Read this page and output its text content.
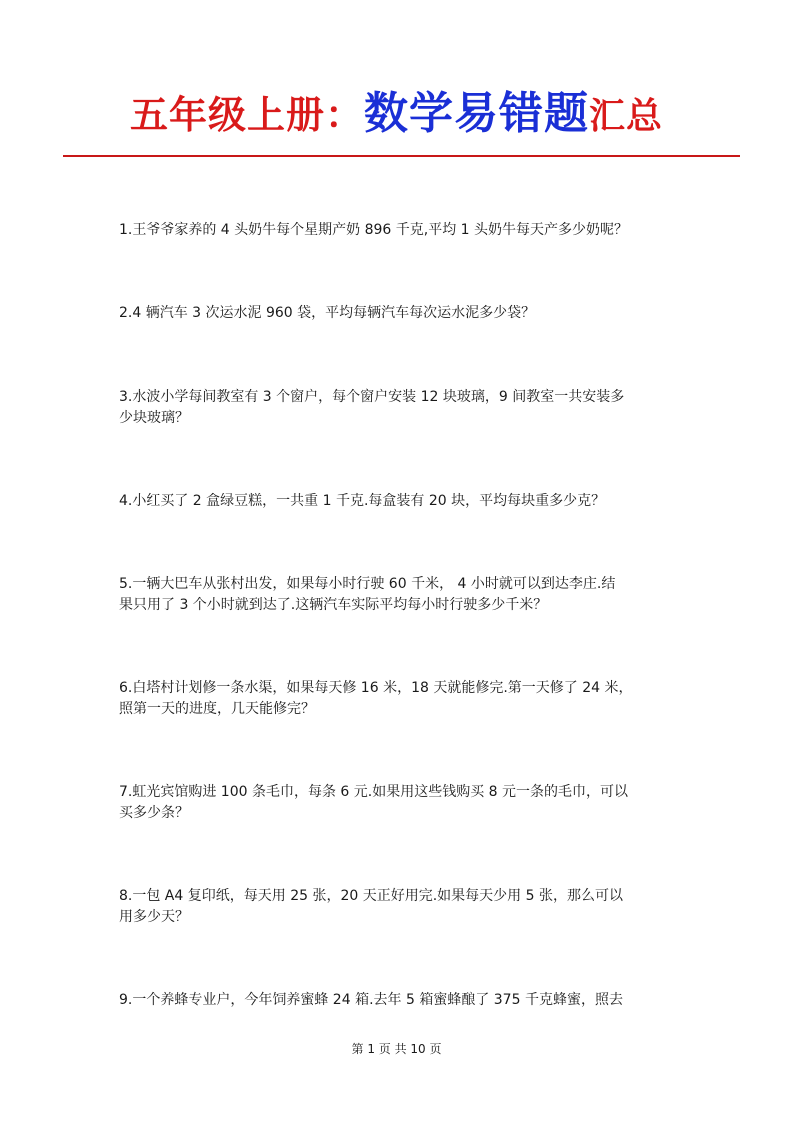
五年级上册：数学易错题汇总
1.王爷爷家养的 4 头奶牛每个星期产奶 896 千克,平均 1 头奶牛每天产多少奶呢？
2.4 辆汽车 3 次运水泥 960 袋，平均每辆汽车每次运水泥多少袋？
3.水波小学每间教室有 3 个窗户，每个窗户安装 12 块玻璃，9 间教室一共安装多
少块玻璃？
4.小红买了 2 盒绿豆糕，一共重 1 千克.每盒装有 20 块，平均每块重多少克？
5.一辆大巴车从张村出发，如果每小时行驶 60 千米， 4 小时就可以到达李庄.结
果只用了 3 个小时就到达了.这辆汽车实际平均每小时行驶多少千米？
6.白塔村计划修一条水渠，如果每天修 16 米，18 天就能修完.第一天修了 24 米，
照第一天的进度，几天能修完？
7.虹光宾馆购进 100 条毛巾，每条 6 元.如果用这些钱购买 8 元一条的毛巾，可以
买多少条？
8.一包 A4 复印纸，每天用 25 张，20 天正好用完.如果每天少用 5 张，那么可以
用多少天？
9.一个养蜂专业户，今年饲养蜜蜂 24 箱.去年 5 箱蜜蜂酿了 375 千克蜂蜜，照去
第 1 页 共 10 页
